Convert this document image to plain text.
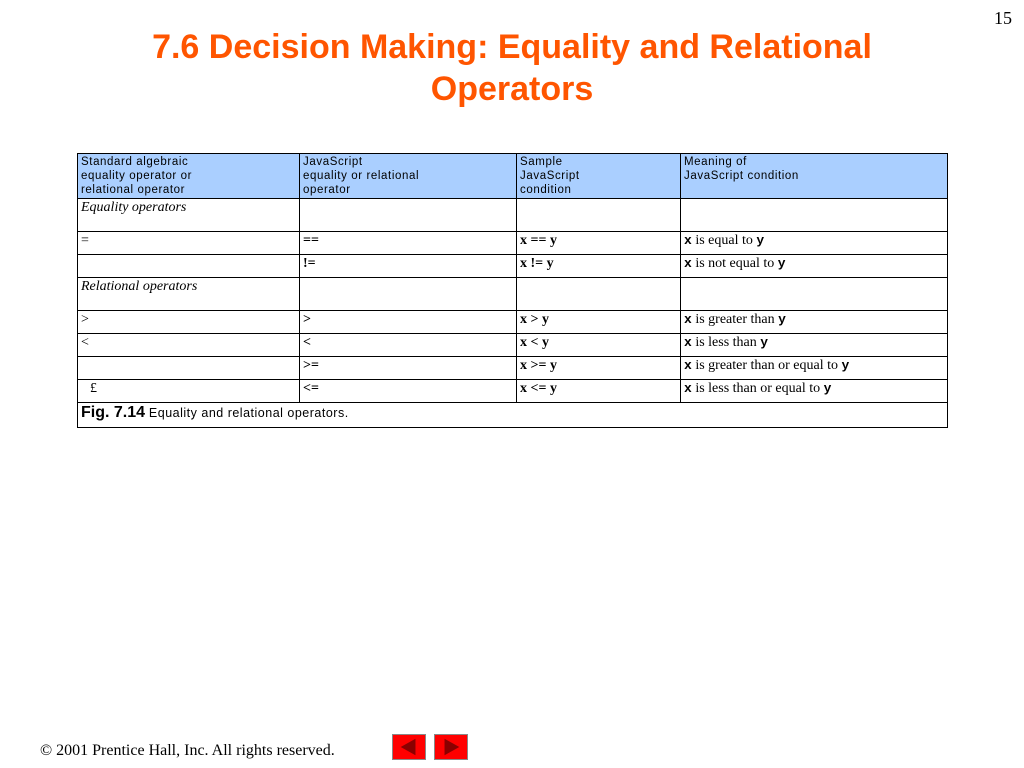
15
7.6 Decision Making: Equality and Relational
Operators
Standard algebraic
equality operator or
relational operator	JavaScript
equality or relational
operator	Sample
JavaScript
condition	Meaning of
JavaScript condition

Equality operators			
=	==	x == y	x is equal to y
	!=	x != y	x is not equal to y
Relational operators			
>	>	x > y	x is greater than y
<	<	x < y	x is less than y
	>=	x >= y	x is greater than or equal to y
£	<=	x <= y	x is less than or equal to y
Fig. 7.14 Equality and relational operators.			
© 2001 Prentice Hall, Inc. All rights reserved.
